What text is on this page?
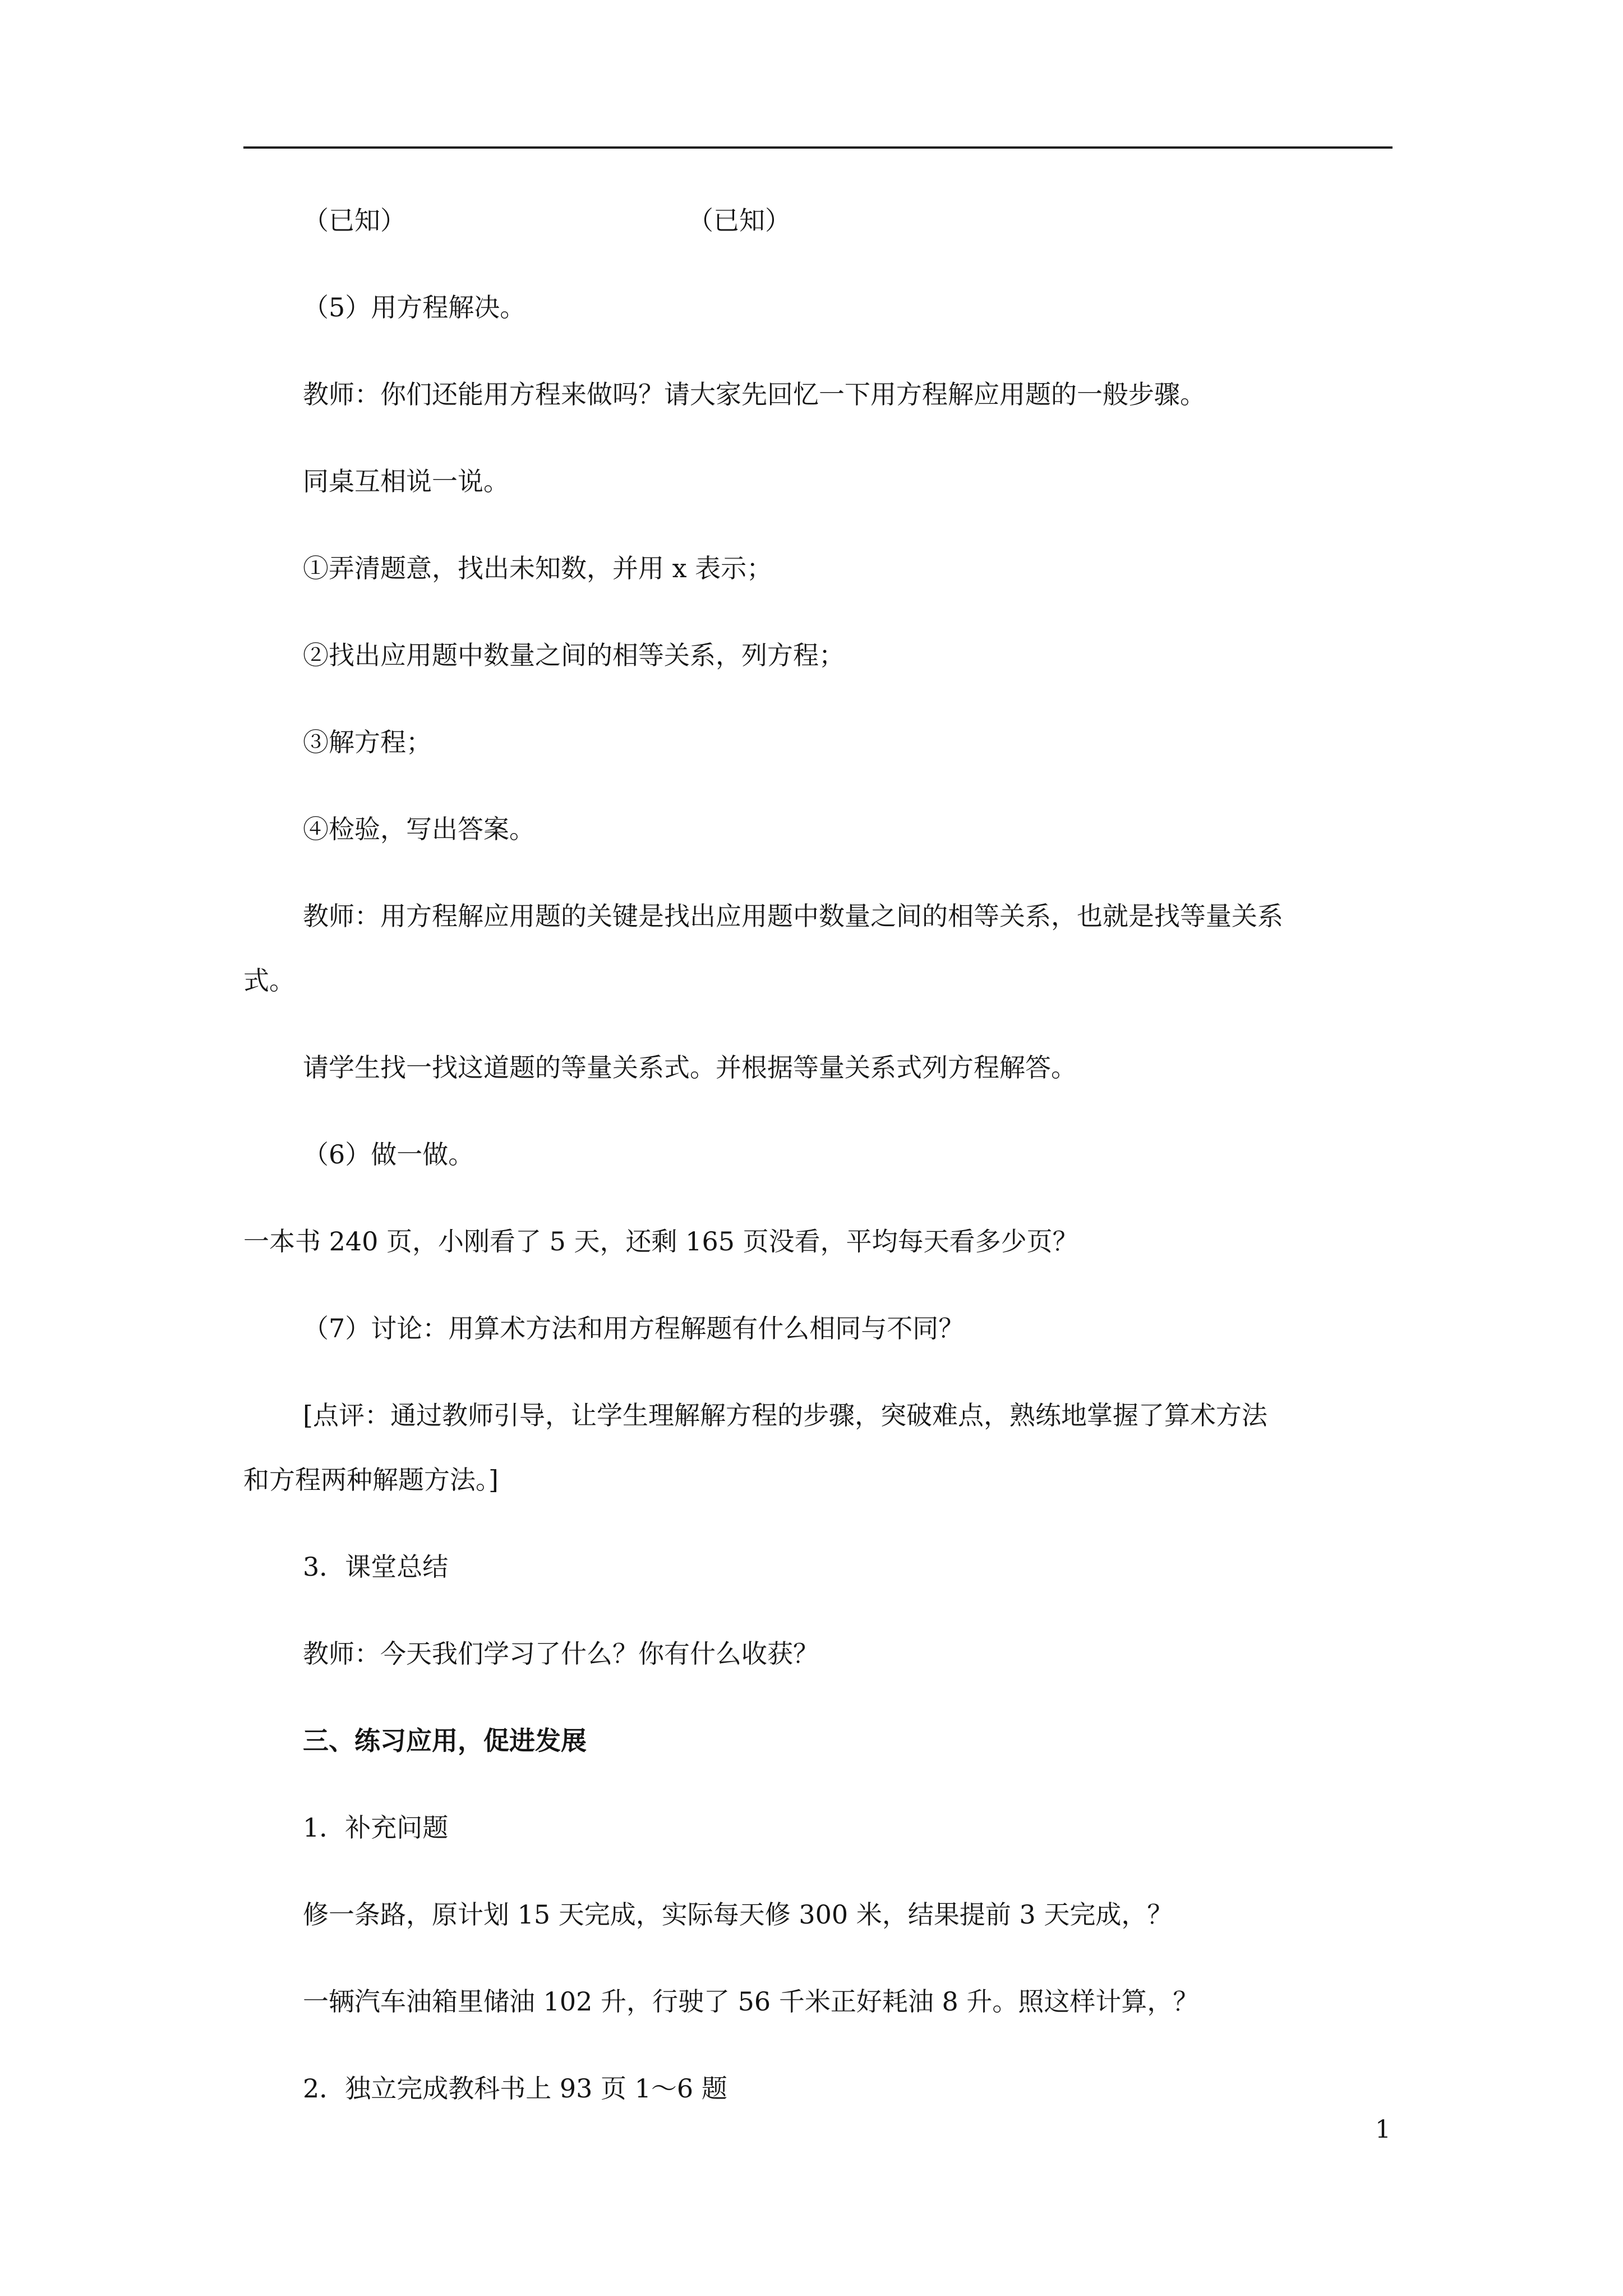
（已知）	（已知）
（5）用方程解决。
教师：你们还能用方程来做吗？请大家先回忆一下用方程解应用题的一般步骤。
同桌互相说一说。
①弄清题意，找出未知数，并用 x 表示；
②找出应用题中数量之间的相等关系，列方程；
③解方程；
④检验，写出答案。
教师：用方程解应用题的关键是找出应用题中数量之间的相等关系，也就是找等量关系
式。
请学生找一找这道题的等量关系式。并根据等量关系式列方程解答。
（6）做一做。
一本书 240 页，小刚看了 5 天，还剩 165 页没看，平均每天看多少页？
（7）讨论：用算术方法和用方程解题有什么相同与不同？
[点评：通过教师引导，让学生理解解方程的步骤，突破难点，熟练地掌握了算术方法
和方程两种解题方法。]
3．课堂总结
教师：今天我们学习了什么？你有什么收获？
三、练习应用，促进发展
1．补充问题
修一条路，原计划 15 天完成，实际每天修 300 米，结果提前 3 天完成，？
一辆汽车油箱里储油 102 升，行驶了 56 千米正好耗油 8 升。照这样计算，？
2．独立完成教科书上 93 页 1～6 题
1
